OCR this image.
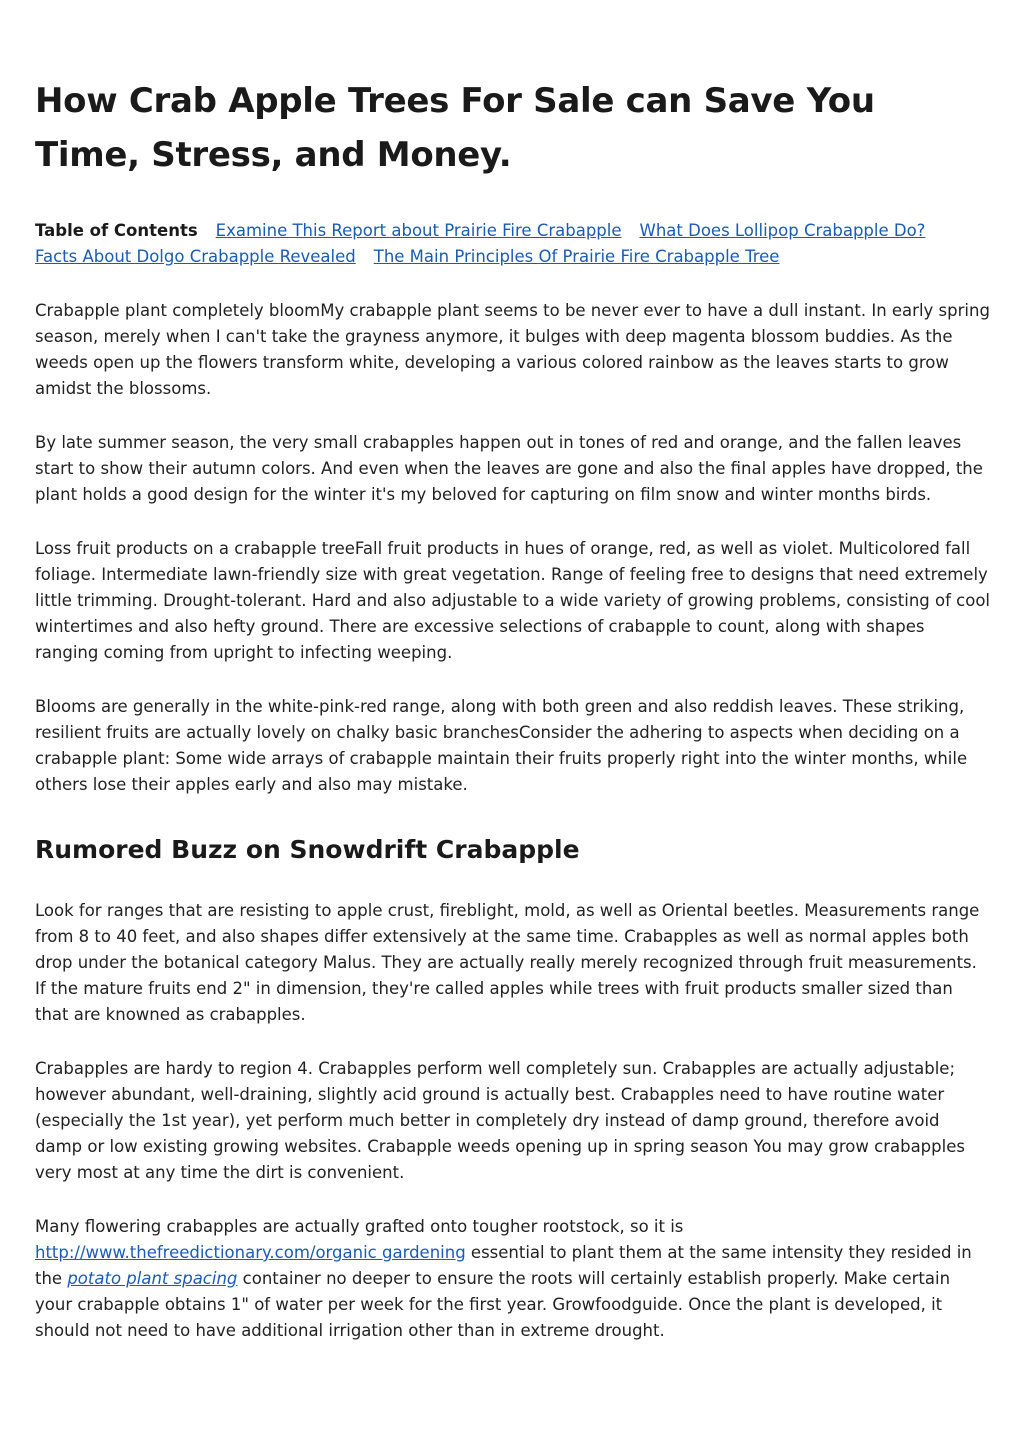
How Crab Apple Trees For Sale can Save You Time, Stress, and Money.
Table of Contents Examine This Report about Prairie Fire Crabapple What Does Lollipop Crabapple Do?
Facts About Dolgo Crabapple Revealed The Main Principles Of Prairie Fire Crabapple Tree

Crabapple plant completely bloomMy crabapple plant seems to be never ever to have a dull instant. In early spring season, merely when I can't take the grayness anymore, it bulges with deep magenta blossom buddies. As the weeds open up the flowers transform white, developing a various colored rainbow as the leaves starts to grow amidst the blossoms.

By late summer season, the very small crabapples happen out in tones of red and orange, and the fallen leaves start to show their autumn colors. And even when the leaves are gone and also the final apples have dropped, the plant holds a good design for the winter it's my beloved for capturing on film snow and winter months birds.

Loss fruit products on a crabapple treeFall fruit products in hues of orange, red, as well as violet. Multicolored fall foliage. Intermediate lawn-friendly size with great vegetation. Range of feeling free to designs that need extremely little trimming. Drought-tolerant. Hard and also adjustable to a wide variety of growing problems, consisting of cool wintertimes and also hefty ground. There are excessive selections of crabapple to count, along with shapes ranging coming from upright to infecting weeping.

Blooms are generally in the white-pink-red range, along with both green and also reddish leaves. These striking, resilient fruits are actually lovely on chalky basic branchesConsider the adhering to aspects when deciding on a crabapple plant: Some wide arrays of crabapple maintain their fruits properly right into the winter months, while others lose their apples early and also may mistake.

Rumored Buzz on Snowdrift Crabapple

Look for ranges that are resisting to apple crust, fireblight, mold, as well as Oriental beetles. Measurements range from 8 to 40 feet, and also shapes differ extensively at the same time. Crabapples as well as normal apples both drop under the botanical category Malus. They are actually really merely recognized through fruit measurements. If the mature fruits end 2" in dimension, they're called apples while trees with fruit products smaller sized than that are knowned as crabapples.

Crabapples are hardy to region 4. Crabapples perform well completely sun. Crabapples are actually adjustable; however abundant, well-draining, slightly acid ground is actually best. Crabapples need to have routine water (especially the 1st year), yet perform much better in completely dry instead of damp ground, therefore avoid damp or low existing growing websites. Crabapple weeds opening up in spring season You may grow crabapples very most at any time the dirt is convenient.

Many flowering crabapples are actually grafted onto tougher rootstock, so it is http://www.thefreedictionary.com/organic gardening essential to plant them at the same intensity they resided in the potato plant spacing container no deeper to ensure the roots will certainly establish properly. Make certain your crabapple obtains 1" of water per week for the first year. Growfoodguide. Once the plant is developed, it should not need to have additional irrigation other than in extreme drought.
